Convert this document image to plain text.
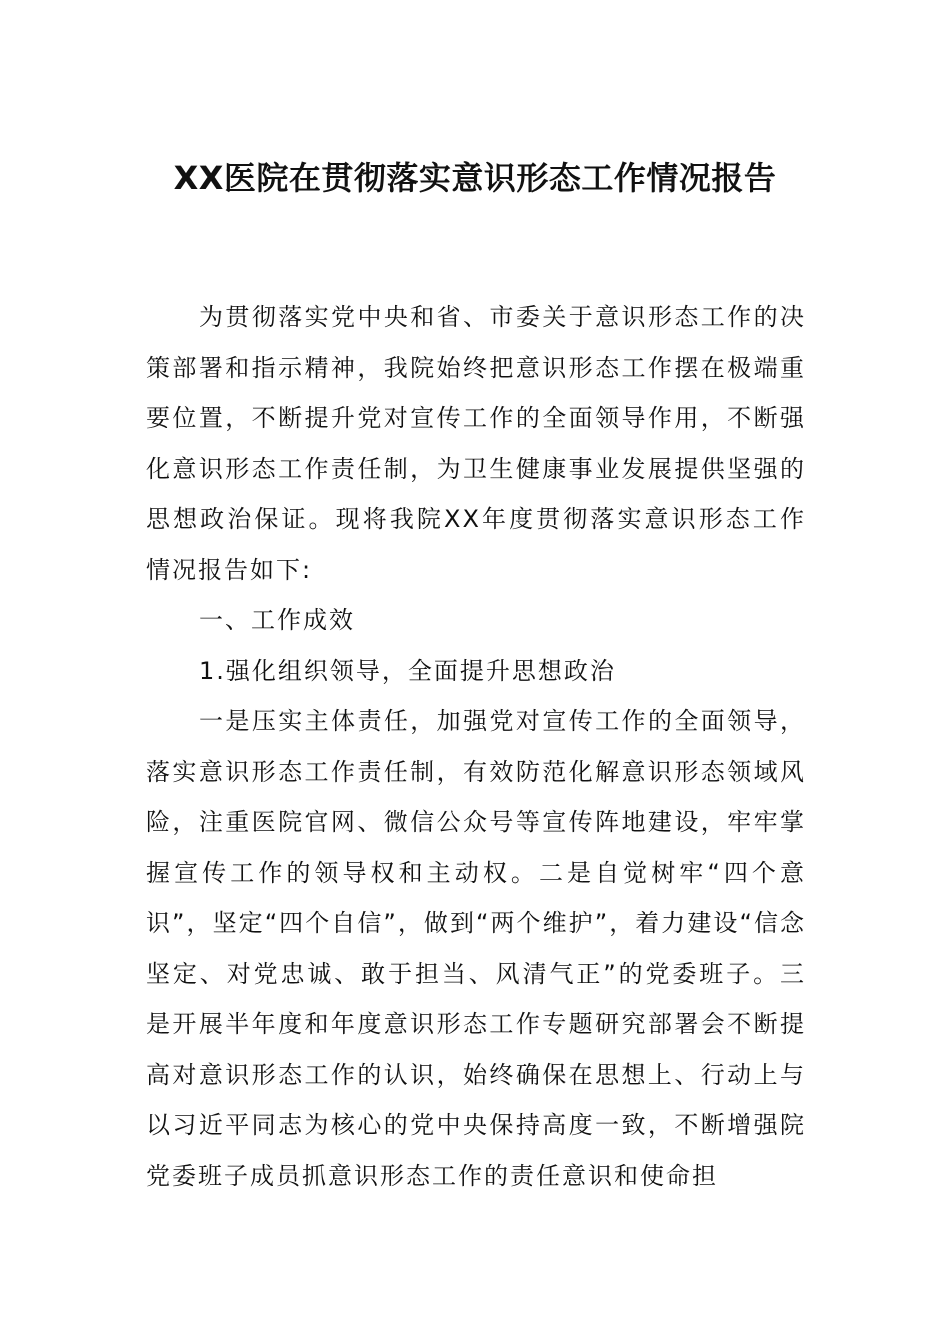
XX医院在贯彻落实意识形态工作情况报告

为贯彻落实党中央和省、市委关于意识形态工作的决策部署和指示精神，我院始终把意识形态工作摆在极端重要位置，不断提升党对宣传工作的全面领导作用，不断强化意识形态工作责任制，为卫生健康事业发展提供坚强的思想政治保证。现将我院XX年度贯彻落实意识形态工作情况报告如下:

一、工作成效

1.强化组织领导，全面提升思想政治

一是压实主体责任，加强党对宣传工作的全面领导，落实意识形态工作责任制，有效防范化解意识形态领域风险，注重医院官网、微信公众号等宣传阵地建设，牢牢掌握宣传工作的领导权和主动权。二是自觉树牢“四个意识”，坚定“四个自信”，做到“两个维护”，着力建设“信念坚定、对党忠诚、敢于担当、风清气正”的党委班子。三是开展半年度和年度意识形态工作专题研究部署会不断提高对意识形态工作的认识，始终确保在思想上、行动上与以习近平同志为核心的党中央保持高度一致，不断增强院党委班子成员抓意识形态工作的责任意识和使命担
